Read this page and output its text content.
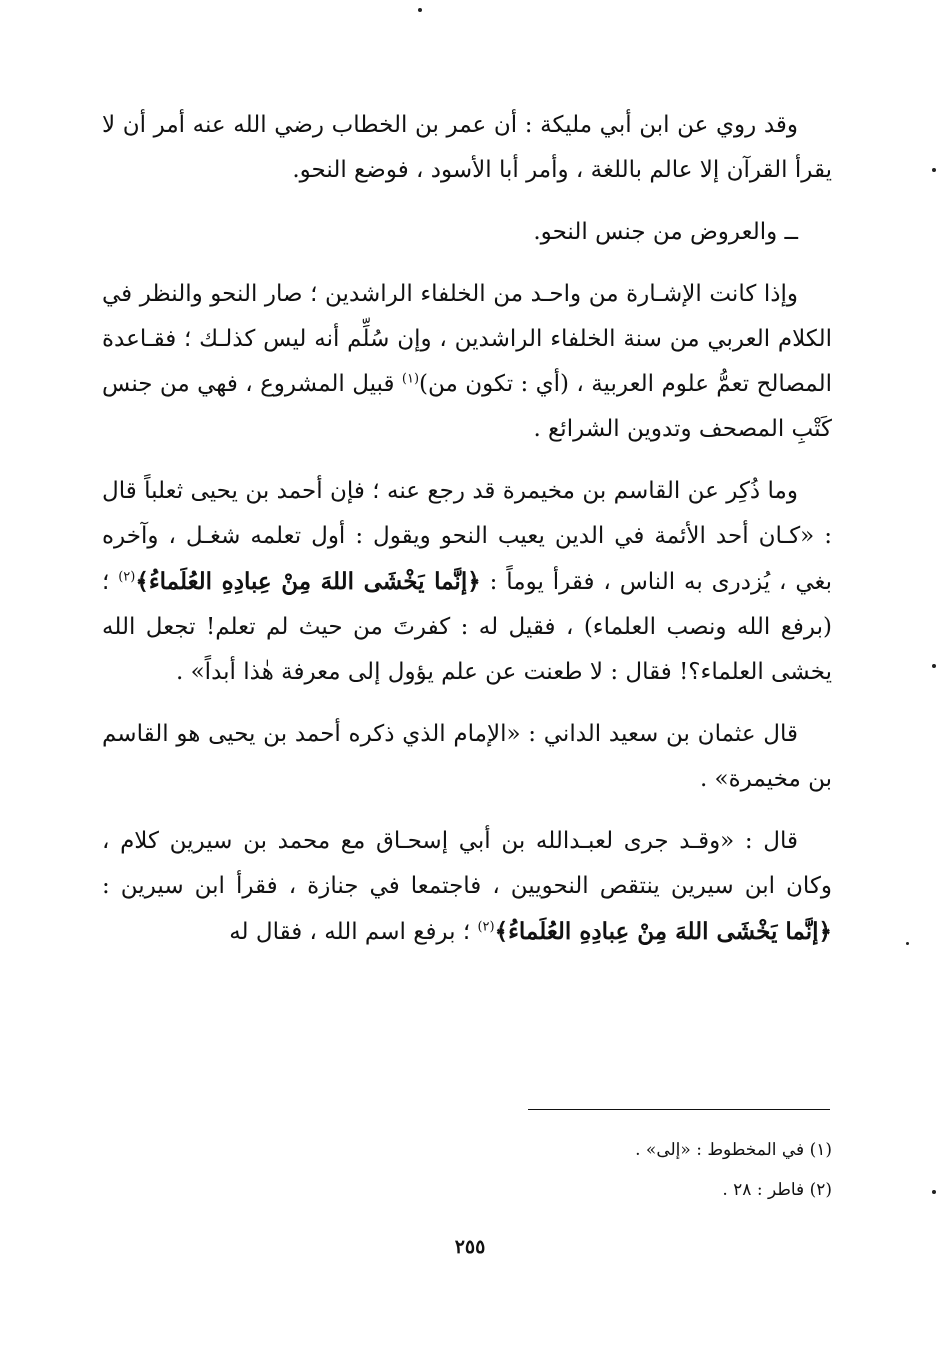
وقد روي عن ابن أبي مليكة : أن عمر بن الخطاب رضي الله عنه أمر أن لا يقرأ القرآن إلا عالم باللغة ، وأمر أبا الأسود ، فوضع النحو.

ــ والعروض من جنس النحو.

وإذا كانت الإشـارة من واحـد من الخلفاء الراشدين ؛ صار النحو والنظر في الكلام العربي من سنة الخلفاء الراشدين ، وإن سُلِّم أنه ليس كذلـك ؛ فقـاعدة المصالح تعمُّ علوم العربية ، (أي : تكون من)$^{(١)}$ قبيل المشروع ، فهي من جنس كَتْبِ المصحف وتدوين الشرائع .

وما ذُكِر عن القاسم بن مخيمرة قد رجع عنه ؛ فإن أحمد بن يحيى ثعلباً قال : «كـان أحد الأئمة في الدين يعيب النحو ويقول : أول تعلمه شغـل ، وآخره بغي ، يُزدرى به الناس ، فقرأ يوماً : ﴿إنَّما يَخْشَى اللهَ مِنْ عِبادِهِ العُلَماءُ﴾$^{(٢)}$ ؛ (برفع الله ونصب العلماء) ، فقيل له : كفرتَ من حيث لم تعلم! تجعل الله يخشى العلماء؟! فقال : لا طعنت عن علم يؤول إلى معرفة هٰذا أبداً» .

قال عثمان بن سعيد الداني : «الإمام الذي ذكره أحمد بن يحيى هو القاسم بن مخيمرة» .

قال : «وقـد جرى لعبـدالله بن أبي إسحـاق مع محمد بن سيرين كلام ، وكان ابن سيرين ينتقص النحويين ، فاجتمعا في جنازة ، فقرأ ابن سيرين : ﴿إنَّما يَخْشَى اللهَ مِنْ عِبادِهِ العُلَماءُ﴾$^{(٢)}$ ؛ برفع اسم الله ، فقال له

(١) في المخطوط : «إلى» .

(٢) فاطر : ٢٨ .

٢٥٥
